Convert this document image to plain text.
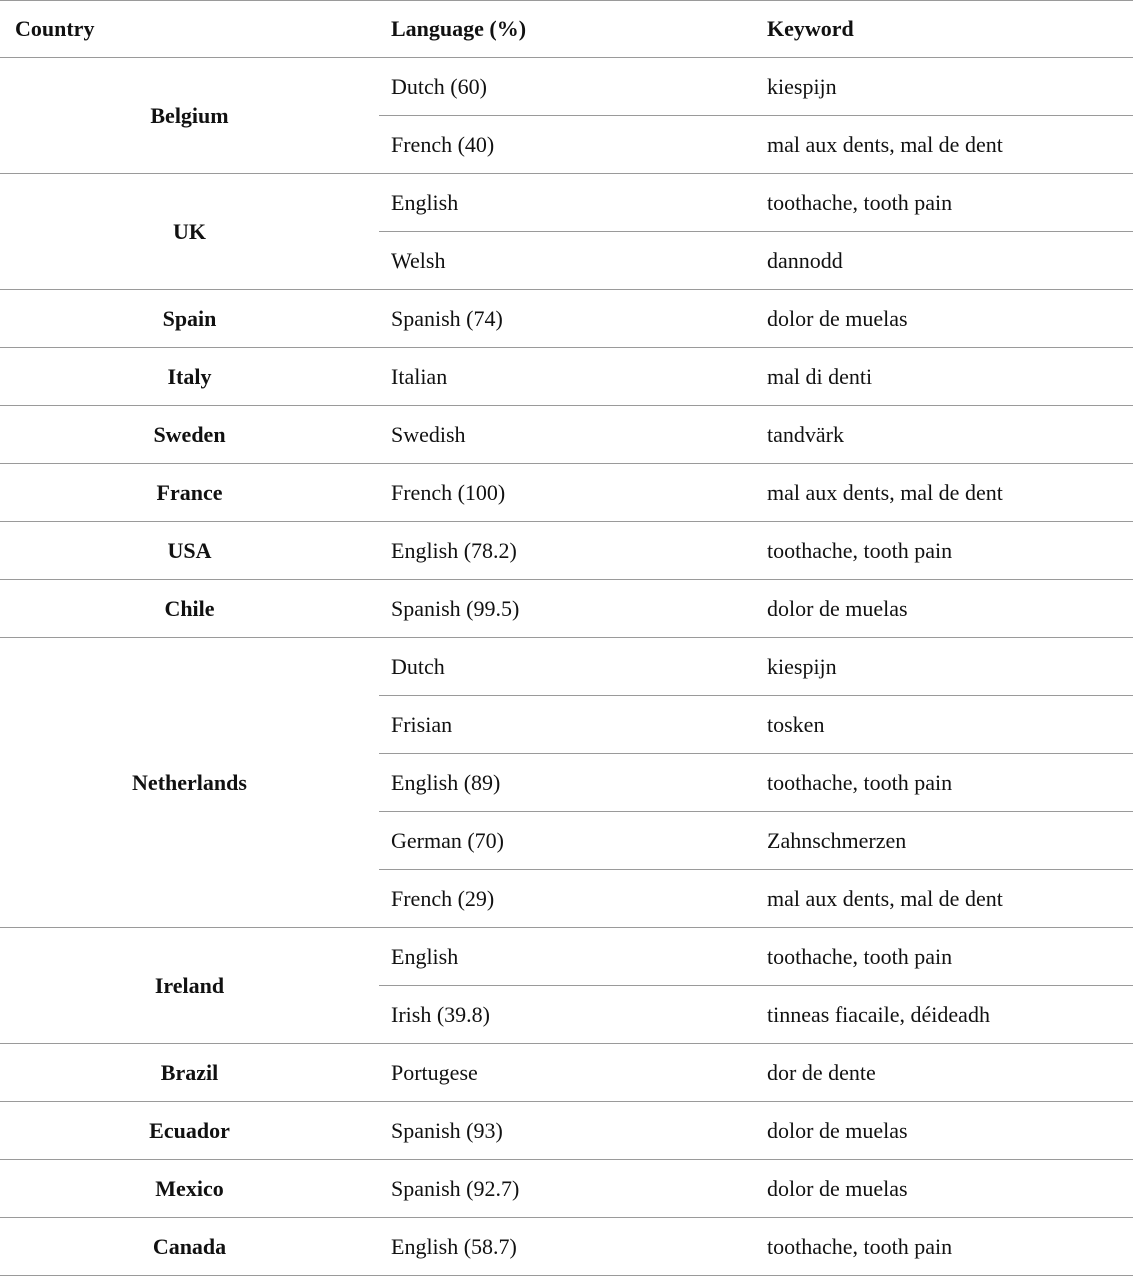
Country	Language (%)	Keyword
Belgium	Dutch (60)	kiespijn
	French (40)	mal aux dents, mal de dent
UK	English	toothache, tooth pain
	Welsh	dannodd
Spain	Spanish (74)	dolor de muelas
Italy	Italian	mal di denti
Sweden	Swedish	tandvärk
France	French (100)	mal aux dents, mal de dent
USA	English (78.2)	toothache, tooth pain
Chile	Spanish (99.5)	dolor de muelas
Netherlands	Dutch	kiespijn
	Frisian	tosken
	English (89)	toothache, tooth pain
	German (70)	Zahnschmerzen
	French (29)	mal aux dents, mal de dent
Ireland	English	toothache, tooth pain
	Irish (39.8)	tinneas fiacaile, déideadh
Brazil	Portugese	dor de dente
Ecuador	Spanish (93)	dolor de muelas
Mexico	Spanish (92.7)	dolor de muelas
Canada	English (58.7)	toothache, tooth pain
